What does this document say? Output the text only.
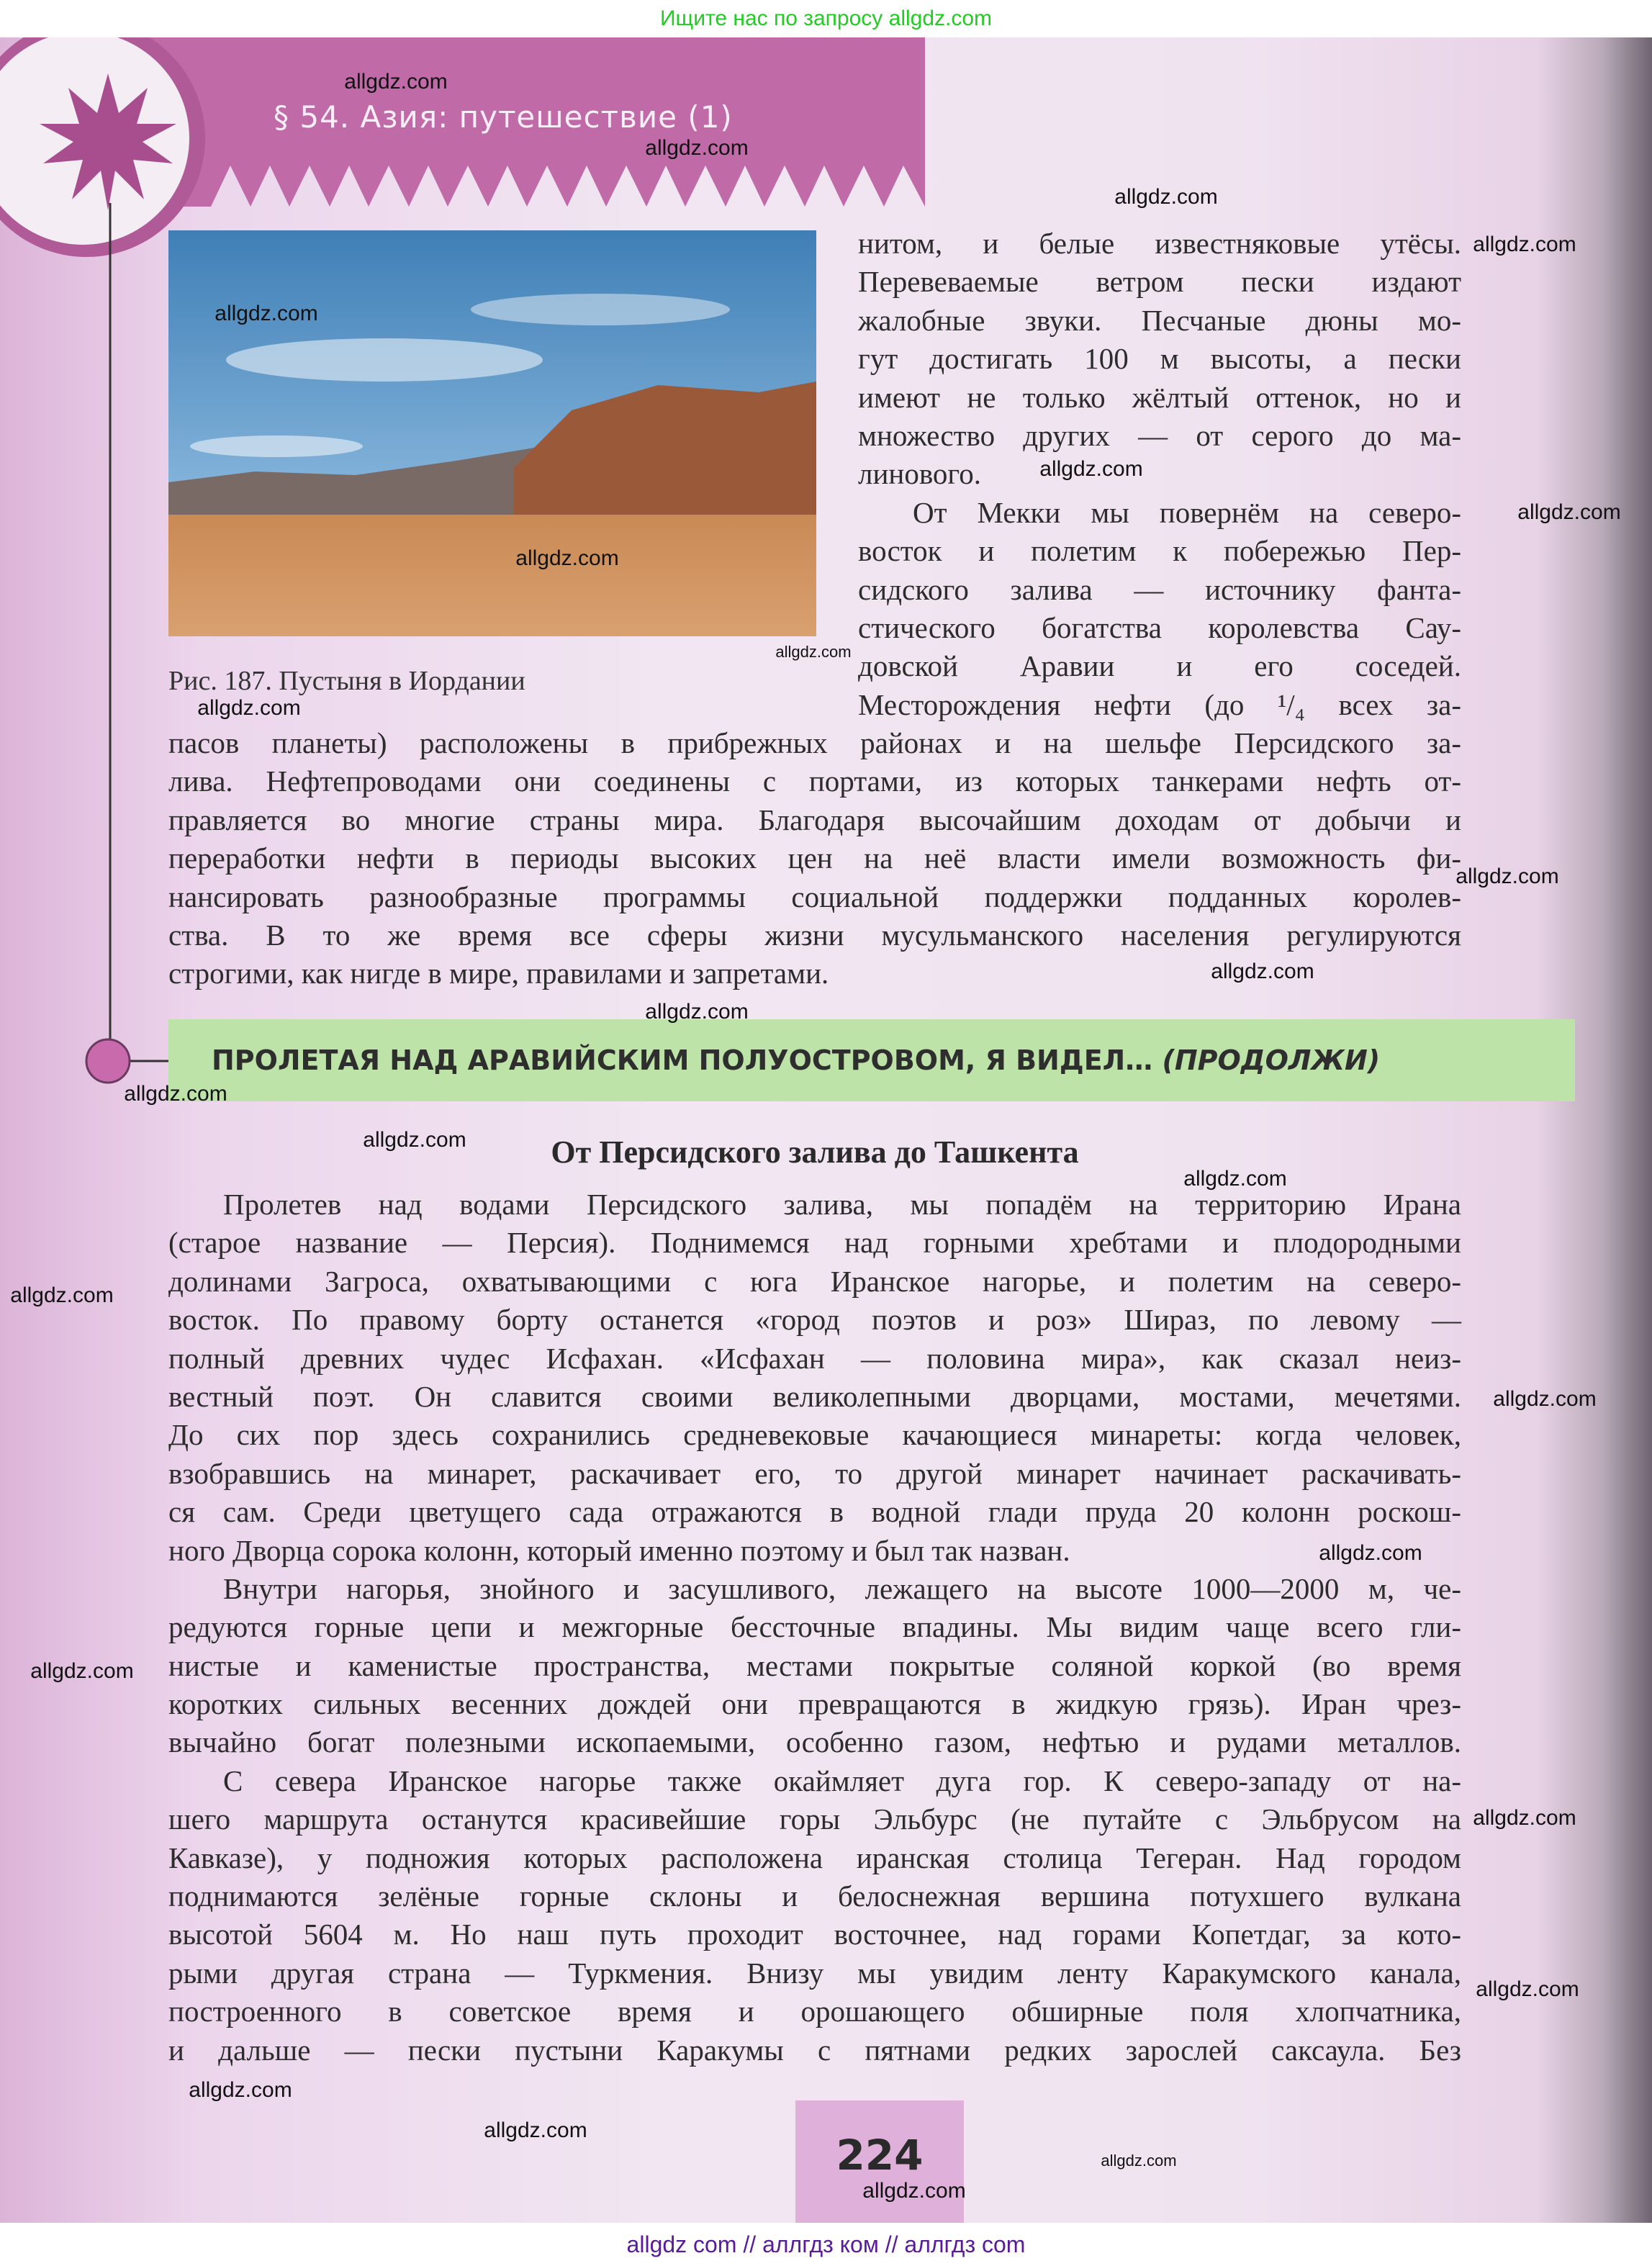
Ищите нас по запросу allgdz.com
§ 54. Азия: путешествие (1)
Рис. 187. Пустыня в Иордании
нитом, и белые известняковые утёсы.
Перевеваемые ветром пески издают
жалобные звуки. Песчаные дюны мо-
гут достигать 100 м высоты, а пески
имеют не только жёлтый оттенок, но и
множество других — от серого до ма-
линового.
От Мекки мы повернём на северо-
восток и полетим к побережью Пер-
сидского залива — источнику фанта-
стического богатства королевства Сау-
довской Аравии и его соседей.
Месторождения нефти (до ¹/₄ всех за-
пасов планеты) расположены в прибрежных районах и на шельфе Персидского за-
лива. Нефтепроводами они соединены с портами, из которых танкерами нефть от-
правляется во многие страны мира. Благодаря высочайшим доходам от добычи и
переработки нефти в периоды высоких цен на неё власти имели возможность фи-
нансировать разнообразные программы социальной поддержки подданных королев-
ства. В то же время все сферы жизни мусульманского населения регулируются
строгими, как нигде в мире, правилами и запретами.
ПРОЛЕТАЯ НАД АРАВИЙСКИМ ПОЛУОСТРОВОМ, Я ВИДЕЛ… (ПРОДОЛЖИ)
От Персидского залива до Ташкента
Пролетев над водами Персидского залива, мы попадём на территорию Ирана
(старое название — Персия). Поднимемся над горными хребтами и плодородными
долинами Загроса, охватывающими с юга Иранское нагорье, и полетим на северо-
восток. По правому борту останется «город поэтов и роз» Шираз, по левому —
полный древних чудес Исфахан. «Исфахан — половина мира», как сказал неиз-
вестный поэт. Он славится своими великолепными дворцами, мостами, мечетями.
До сих пор здесь сохранились средневековые качающиеся минареты: когда человек,
взобравшись на минарет, раскачивает его, то другой минарет начинает раскачивать-
ся сам. Среди цветущего сада отражаются в водной глади пруда 20 колонн роскош-
ного Дворца сорока колонн, который именно поэтому и был так назван.
Внутри нагорья, знойного и засушливого, лежащего на высоте 1000—2000 м, че-
редуются горные цепи и межгорные бессточные впадины. Мы видим чаще всего гли-
нистые и каменистые пространства, местами покрытые соляной коркой (во время
коротких сильных весенних дождей они превращаются в жидкую грязь). Иран чрез-
вычайно богат полезными ископаемыми, особенно газом, нефтью и рудами металлов.
С севера Иранское нагорье также окаймляет дуга гор. К северо-западу от на-
шего маршрута останутся красивейшие горы Эльбурс (не путайте с Эльбрусом на
Кавказе), у подножия которых расположена иранская столица Тегеран. Над городом
поднимаются зелёные горные склоны и белоснежная вершина потухшего вулкана
высотой 5604 м. Но наш путь проходит восточнее, над горами Копетдаг, за кото-
рыми другая страна — Туркмения. Внизу мы увидим ленту Каракумского канала,
построенного в советское время и орошающего обширные поля хлопчатника,
и дальше — пески пустыни Каракумы с пятнами редких зарослей саксаула. Без
224
allgdz.com
allgdz.com
allgdz.com
allgdz.com
allgdz.com
allgdz.com
allgdz.com
allgdz.com
allgdz.com
allgdz.com
allgdz.com
allgdz.com
allgdz.com
allgdz.com
allgdz.com
allgdz.com
allgdz.com
allgdz.com
allgdz.com
allgdz.com
allgdz.com
allgdz.com
allgdz.com
allgdz.com
allgdz.com
allgdz.com
allgdz com // аллгдз ком // аллгдз com
